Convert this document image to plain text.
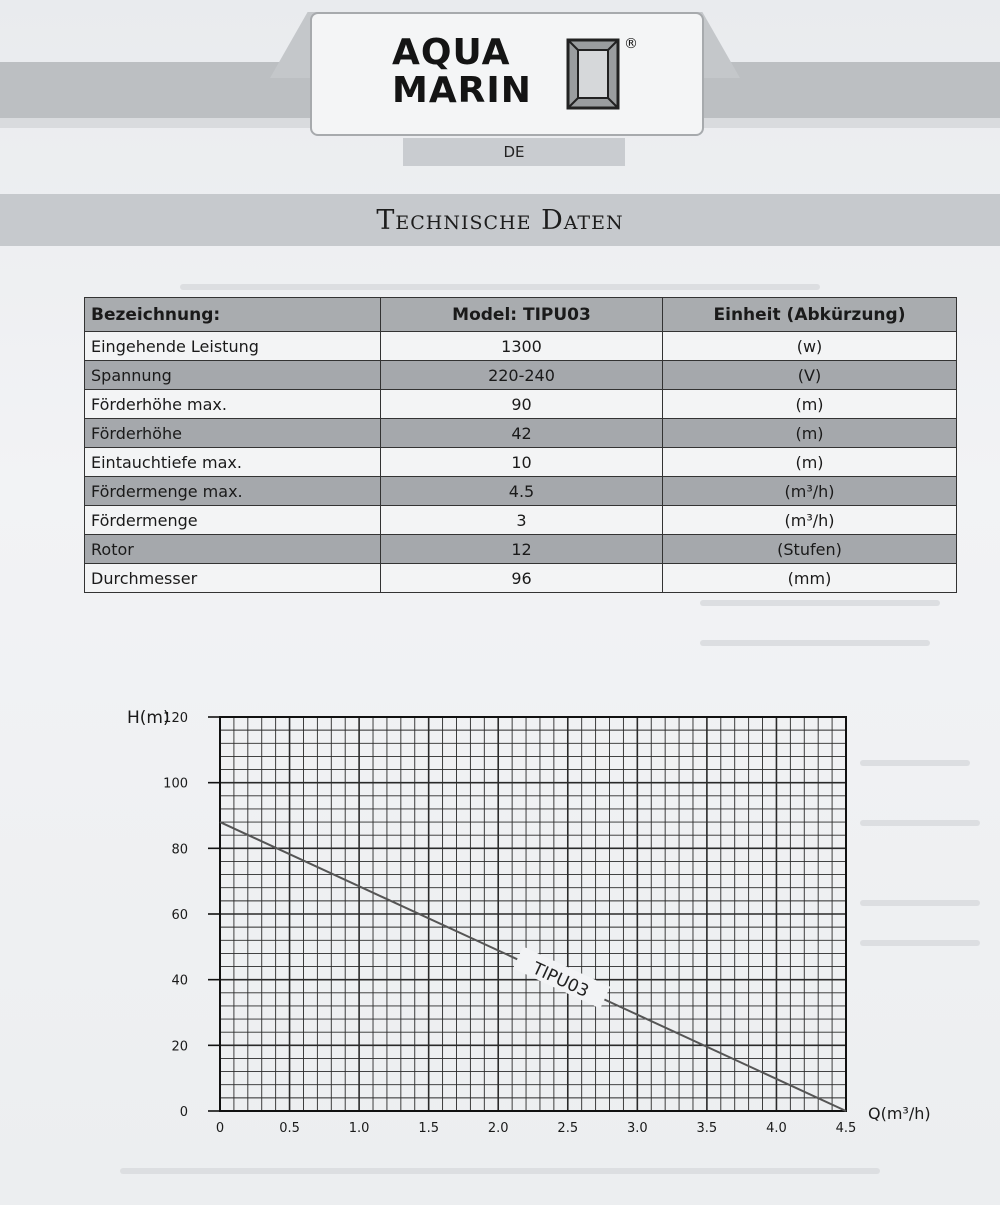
AQUA
MARIN
®
DE
Technische Daten
Bezeichnung:	Model: TIPU03	Einheit (Abkürzung)
Eingehende Leistung	1300	(w)
Spannung	220-240	(V)
Förderhöhe max.	90	(m)
Förderhöhe	42	(m)
Eintauchtiefe max.	10	(m)
Fördermenge max.	4.5	(m³/h)
Fördermenge	3	(m³/h)
Rotor	12	(Stufen)
Durchmesser	96	(mm)
0
20
40
60
80
100
120
0	0.5	1.0	1.5	2.0	2.5	3.0	3.5	4.0	4.5
TIPU03
H(m)
Q(m³/h)
